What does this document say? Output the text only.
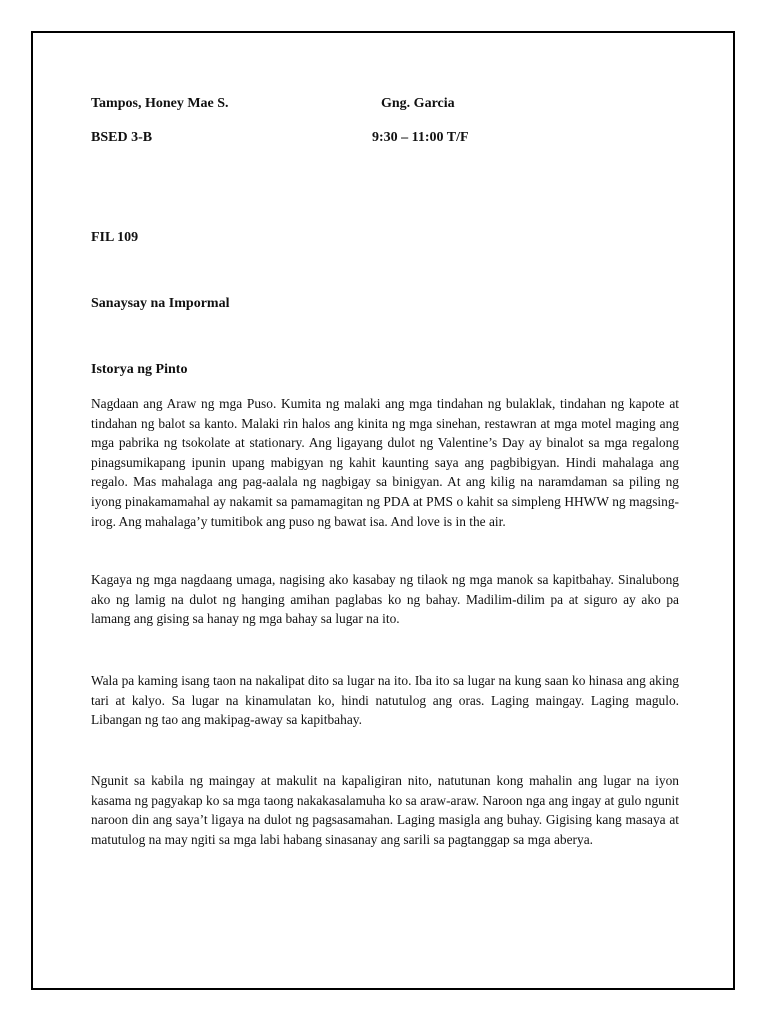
Tampos, Honey Mae S.	Gng. Garcia
BSED 3-B	9:30 – 11:00 T/F
FIL 109
Sanaysay na Impormal
Istorya ng Pinto

Nagdaan ang Araw ng mga Puso. Kumita ng malaki ang mga tindahan ng bulaklak, tindahan ng kapote at tindahan ng balot sa kanto. Malaki rin halos ang kinita ng mga sinehan, restawran at mga motel maging ang mga pabrika ng tsokolate at stationary. Ang ligayang dulot ng Valentine’s Day ay binalot sa mga regalong pinagsumikapang ipunin upang mabigyan ng kahit kaunting saya ang pagbibigyan. Hindi mahalaga ang regalo. Mas mahalaga ang pag-aalala ng nagbigay sa binigyan. At ang kilig na naramdaman sa piling ng iyong pinakamamahal ay nakamit sa pamamagitan ng PDA at PMS o kahit sa simpleng HHWW ng magsing-irog. Ang mahalaga’y tumitibok ang puso ng bawat isa. And love is in the air.

Kagaya ng mga nagdaang umaga, nagising ako kasabay ng tilaok ng mga manok sa kapitbahay. Sinalubong ako ng lamig na dulot ng hanging amihan paglabas ko ng bahay. Madilim-dilim pa at siguro ay ako pa lamang ang gising sa hanay ng mga bahay sa lugar na ito.

Wala pa kaming isang taon na nakalipat dito sa lugar na ito. Iba ito sa lugar na kung saan ko hinasa ang aking tari at kalyo. Sa lugar na kinamulatan ko, hindi natutulog ang oras. Laging maingay. Laging magulo. Libangan ng tao ang makipag-away sa kapitbahay.

Ngunit sa kabila ng maingay at makulit na kapaligiran nito, natutunan kong mahalin ang lugar na iyon kasama ng pagyakap ko sa mga taong nakakasalamuha ko sa araw-araw. Naroon nga ang ingay at gulo ngunit naroon din ang saya’t ligaya na dulot ng pagsasamahan. Laging masigla ang buhay. Gigising kang masaya at matutulog na may ngiti sa mga labi habang sinasanay ang sarili sa pagtanggap sa mga aberya.
